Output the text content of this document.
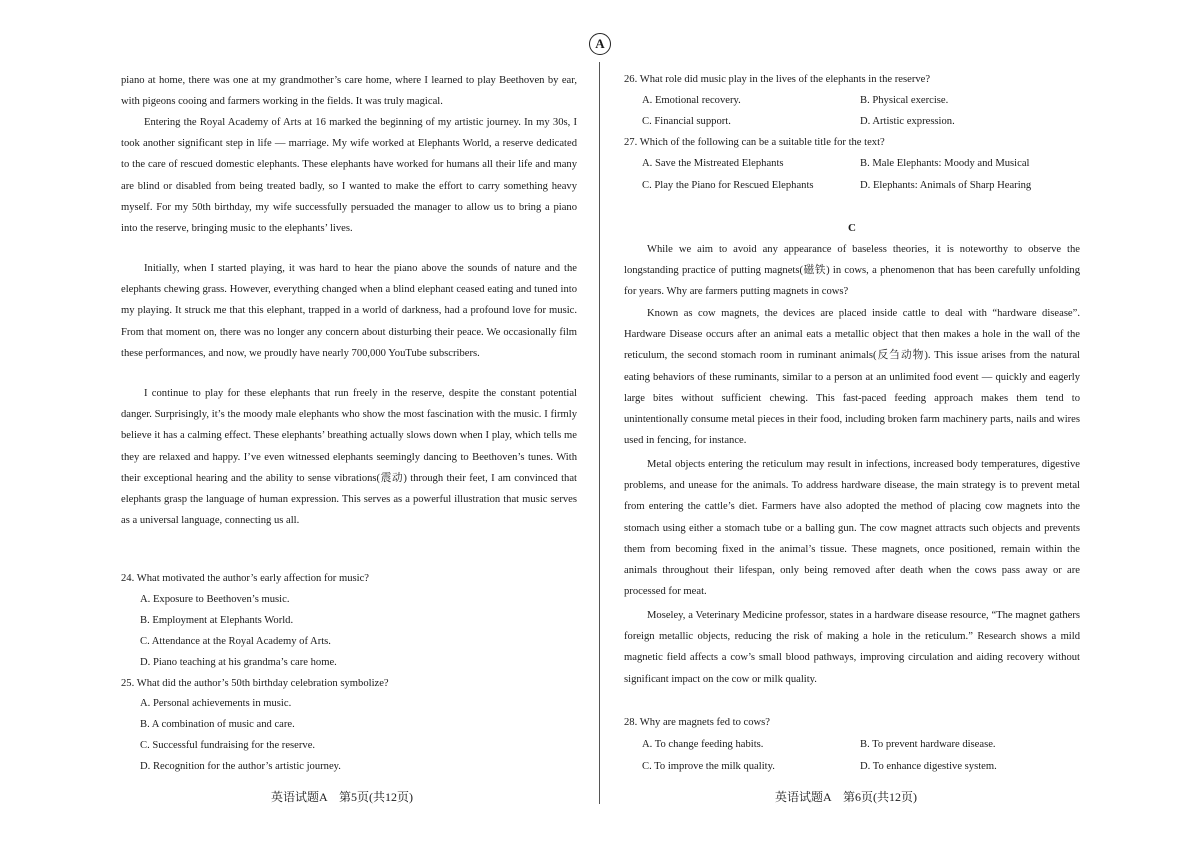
A

piano at home, there was one at my grandmother’s care home, where I learned to play Beethoven by ear, with pigeons cooing and farmers working in the fields. It was truly magical.

Entering the Royal Academy of Arts at 16 marked the beginning of my artistic journey. In my 30s, I took another significant step in life — marriage. My wife worked at Elephants World, a reserve dedicated to the care of rescued domestic elephants. These elephants have worked for humans all their life and many are blind or disabled from being treated badly, so I wanted to make the effort to carry something heavy myself. For my 50th birthday, my wife successfully persuaded the manager to allow us to bring a piano into the reserve, bringing music to the elephants’ lives.

Initially, when I started playing, it was hard to hear the piano above the sounds of nature and the elephants chewing grass. However, everything changed when a blind elephant ceased eating and tuned into my playing. It struck me that this elephant, trapped in a world of darkness, had a profound love for music. From that moment on, there was no longer any concern about disturbing their peace. We occasionally film these performances, and now, we proudly have nearly 700,000 YouTube subscribers.

I continue to play for these elephants that run freely in the reserve, despite the constant potential danger. Surprisingly, it’s the moody male elephants who show the most fascination with the music. I firmly believe it has a calming effect. These elephants’ breathing actually slows down when I play, which tells me they are relaxed and happy. I’ve even witnessed elephants seemingly dancing to Beethoven’s tunes. With their exceptional hearing and the ability to sense vibrations(震动) through their feet, I am convinced that elephants grasp the language of human expression. This serves as a powerful illustration that music serves as a universal language, connecting us all.

24. What motivated the author’s early affection for music?
A. Exposure to Beethoven’s music.
B. Employment at Elephants World.
C. Attendance at the Royal Academy of Arts.
D. Piano teaching at his grandma’s care home.
25. What did the author’s 50th birthday celebration symbolize?
A. Personal achievements in music.
B. A combination of music and care.
C. Successful fundraising for the reserve.
D. Recognition for the author’s artistic journey.
英语试题A　第5页(共12页)
26. What role did music play in the lives of the elephants in the reserve?
A. Emotional recovery.	B. Physical exercise.
C. Financial support.	D. Artistic expression.
27. Which of the following can be a suitable title for the text?
A. Save the Mistreated Elephants	B. Male Elephants: Moody and Musical
C. Play the Piano for Rescued Elephants	D. Elephants: Animals of Sharp Hearing
C

While we aim to avoid any appearance of baseless theories, it is noteworthy to observe the longstanding practice of putting magnets(磁铁) in cows, a phenomenon that has been carefully unfolding for years. Why are farmers putting magnets in cows?

Known as cow magnets, the devices are placed inside cattle to deal with “hardware disease”. Hardware Disease occurs after an animal eats a metallic object that then makes a hole in the wall of the reticulum, the second stomach room in ruminant animals(反刍动物). This issue arises from the natural eating behaviors of these ruminants, similar to a person at an unlimited food event — quickly and eagerly large bites without sufficient chewing. This fast-paced feeding approach makes them tend to unintentionally consume metal pieces in their food, including broken farm machinery parts, nails and wires used in fencing, for instance.

Metal objects entering the reticulum may result in infections, increased body temperatures, digestive problems, and unease for the animals. To address hardware disease, the main strategy is to prevent metal from entering the cattle’s diet. Farmers have also adopted the method of placing cow magnets into the stomach using either a stomach tube or a balling gun. The cow magnet attracts such objects and prevents them from becoming fixed in the animal’s tissue. These magnets, once positioned, remain within the animals throughout their lifespan, only being removed after death when the cows pass away or are processed for meat.

Moseley, a Veterinary Medicine professor, states in a hardware disease resource, “The magnet gathers foreign metallic objects, reducing the risk of making a hole in the reticulum.” Research shows a mild magnetic field affects a cow’s small blood pathways, improving circulation and aiding recovery without significant impact on the cow or milk quality.

28. Why are magnets fed to cows?
A. To change feeding habits.	B. To prevent hardware disease.
C. To improve the milk quality.	D. To enhance digestive system.
英语试题A　第6页(共12页)
